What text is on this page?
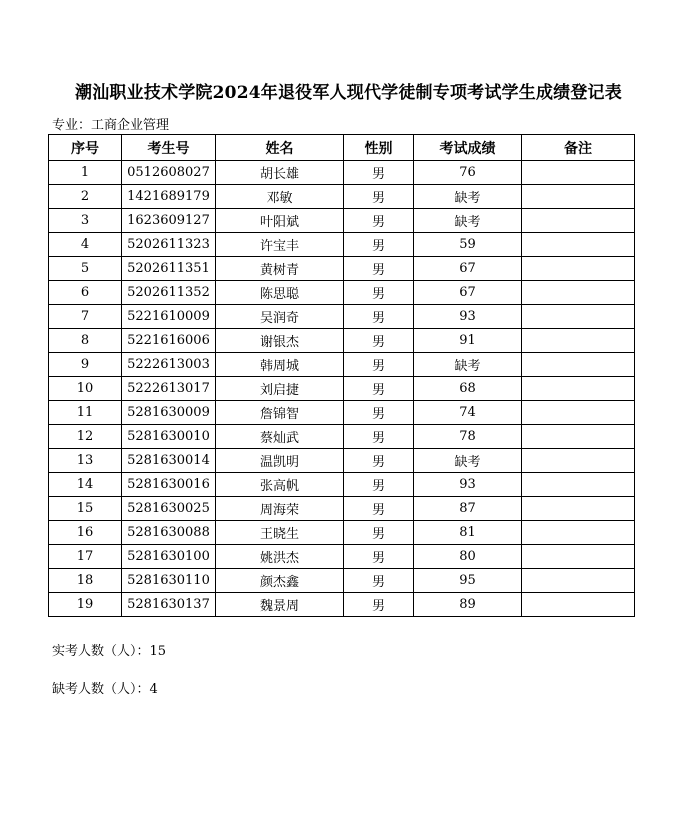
潮汕职业技术学院2024年退役军人现代学徒制专项考试学生成绩登记表
专业：工商企业管理
序号	考生号	姓名	性别	考试成绩	备注
1	0512608027	胡长雄	男	76	
2	1421689179	邓敏	男	缺考	
3	1623609127	叶阳斌	男	缺考	
4	5202611323	许宝丰	男	59	
5	5202611351	黄树青	男	67	
6	5202611352	陈思聪	男	67	
7	5221610009	吴润奇	男	93	
8	5221616006	谢银杰	男	91	
9	5222613003	韩周城	男	缺考	
10	5222613017	刘启捷	男	68	
11	5281630009	詹锦智	男	74	
12	5281630010	蔡灿武	男	78	
13	5281630014	温凯明	男	缺考	
14	5281630016	张高帆	男	93	
15	5281630025	周海荣	男	87	
16	5281630088	王晓生	男	81	
17	5281630100	姚洪杰	男	80	
18	5281630110	颜杰鑫	男	95	
19	5281630137	魏景周	男	89	
实考人数（人）：15
缺考人数（人）：4
